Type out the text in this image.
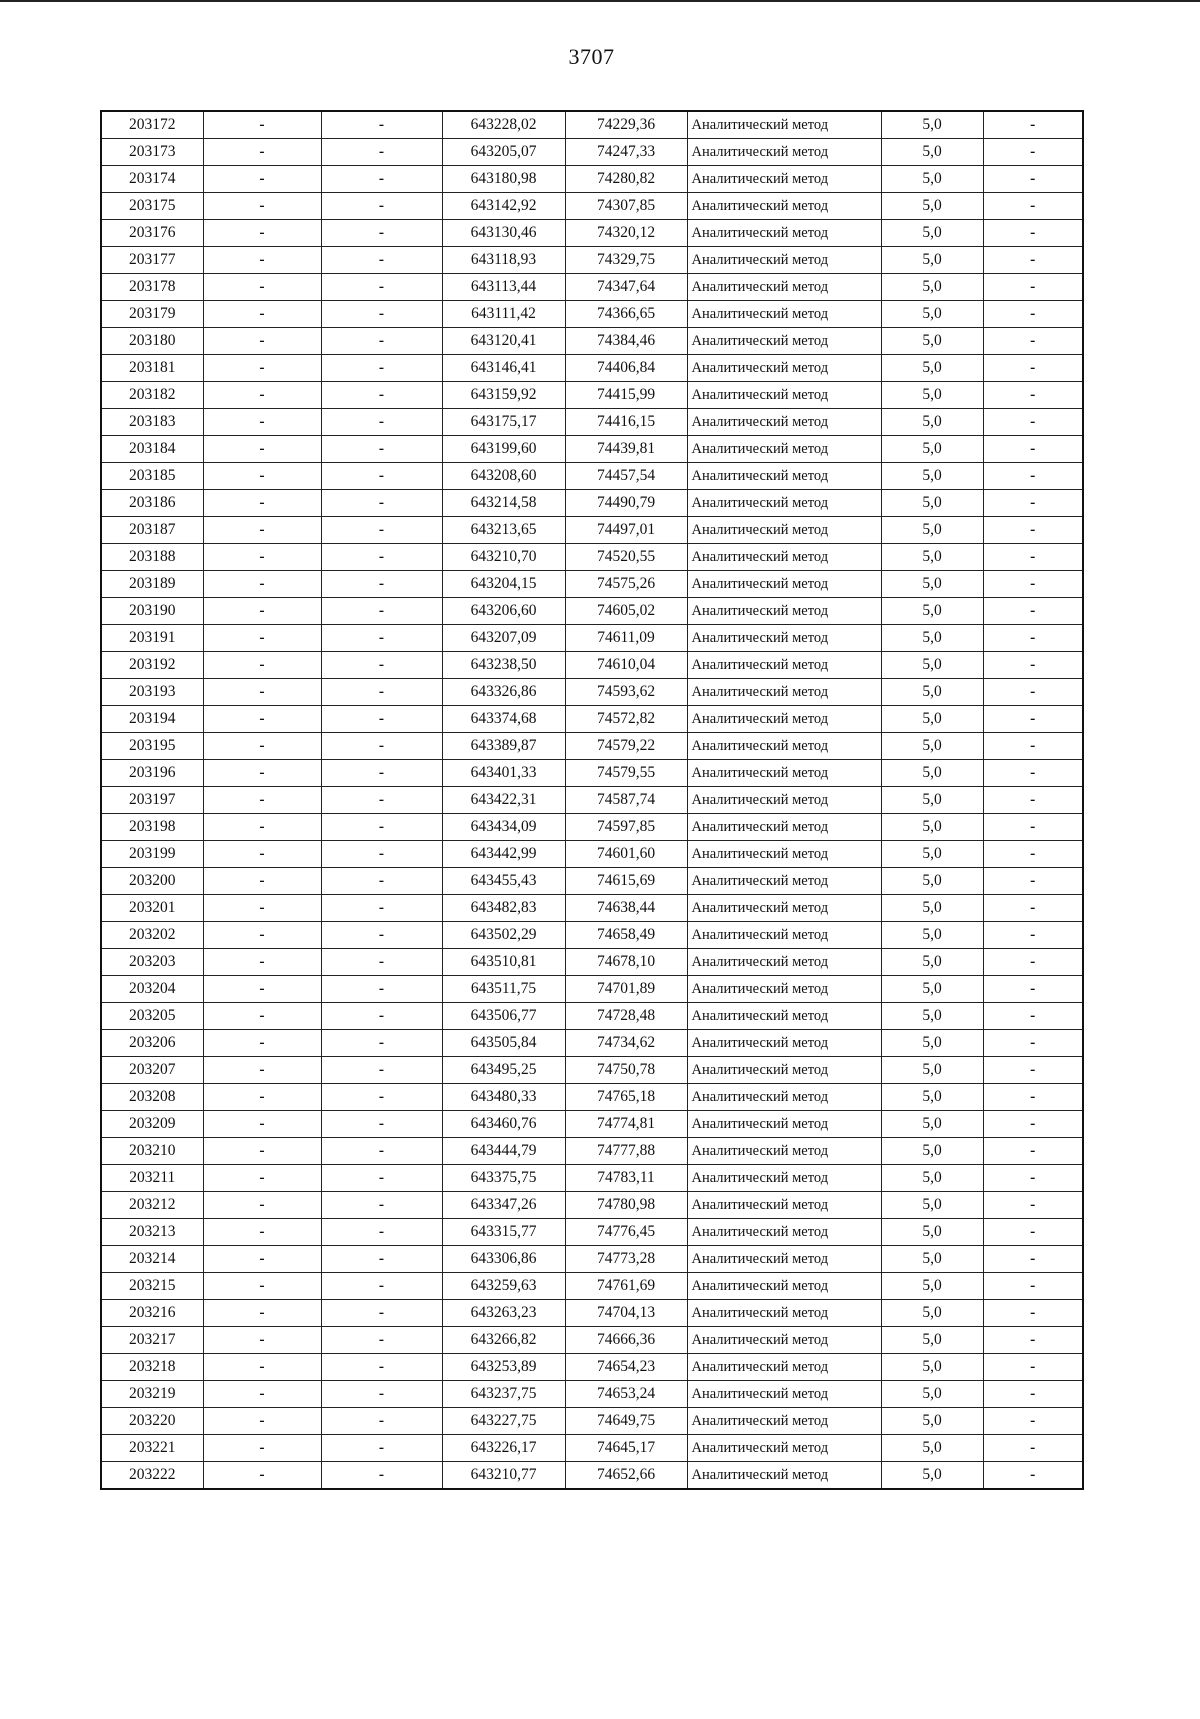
3707
203172	-	-	643228,02	74229,36	Аналитический метод	5,0	-
203173	-	-	643205,07	74247,33	Аналитический метод	5,0	-
203174	-	-	643180,98	74280,82	Аналитический метод	5,0	-
203175	-	-	643142,92	74307,85	Аналитический метод	5,0	-
203176	-	-	643130,46	74320,12	Аналитический метод	5,0	-
203177	-	-	643118,93	74329,75	Аналитический метод	5,0	-
203178	-	-	643113,44	74347,64	Аналитический метод	5,0	-
203179	-	-	643111,42	74366,65	Аналитический метод	5,0	-
203180	-	-	643120,41	74384,46	Аналитический метод	5,0	-
203181	-	-	643146,41	74406,84	Аналитический метод	5,0	-
203182	-	-	643159,92	74415,99	Аналитический метод	5,0	-
203183	-	-	643175,17	74416,15	Аналитический метод	5,0	-
203184	-	-	643199,60	74439,81	Аналитический метод	5,0	-
203185	-	-	643208,60	74457,54	Аналитический метод	5,0	-
203186	-	-	643214,58	74490,79	Аналитический метод	5,0	-
203187	-	-	643213,65	74497,01	Аналитический метод	5,0	-
203188	-	-	643210,70	74520,55	Аналитический метод	5,0	-
203189	-	-	643204,15	74575,26	Аналитический метод	5,0	-
203190	-	-	643206,60	74605,02	Аналитический метод	5,0	-
203191	-	-	643207,09	74611,09	Аналитический метод	5,0	-
203192	-	-	643238,50	74610,04	Аналитический метод	5,0	-
203193	-	-	643326,86	74593,62	Аналитический метод	5,0	-
203194	-	-	643374,68	74572,82	Аналитический метод	5,0	-
203195	-	-	643389,87	74579,22	Аналитический метод	5,0	-
203196	-	-	643401,33	74579,55	Аналитический метод	5,0	-
203197	-	-	643422,31	74587,74	Аналитический метод	5,0	-
203198	-	-	643434,09	74597,85	Аналитический метод	5,0	-
203199	-	-	643442,99	74601,60	Аналитический метод	5,0	-
203200	-	-	643455,43	74615,69	Аналитический метод	5,0	-
203201	-	-	643482,83	74638,44	Аналитический метод	5,0	-
203202	-	-	643502,29	74658,49	Аналитический метод	5,0	-
203203	-	-	643510,81	74678,10	Аналитический метод	5,0	-
203204	-	-	643511,75	74701,89	Аналитический метод	5,0	-
203205	-	-	643506,77	74728,48	Аналитический метод	5,0	-
203206	-	-	643505,84	74734,62	Аналитический метод	5,0	-
203207	-	-	643495,25	74750,78	Аналитический метод	5,0	-
203208	-	-	643480,33	74765,18	Аналитический метод	5,0	-
203209	-	-	643460,76	74774,81	Аналитический метод	5,0	-
203210	-	-	643444,79	74777,88	Аналитический метод	5,0	-
203211	-	-	643375,75	74783,11	Аналитический метод	5,0	-
203212	-	-	643347,26	74780,98	Аналитический метод	5,0	-
203213	-	-	643315,77	74776,45	Аналитический метод	5,0	-
203214	-	-	643306,86	74773,28	Аналитический метод	5,0	-
203215	-	-	643259,63	74761,69	Аналитический метод	5,0	-
203216	-	-	643263,23	74704,13	Аналитический метод	5,0	-
203217	-	-	643266,82	74666,36	Аналитический метод	5,0	-
203218	-	-	643253,89	74654,23	Аналитический метод	5,0	-
203219	-	-	643237,75	74653,24	Аналитический метод	5,0	-
203220	-	-	643227,75	74649,75	Аналитический метод	5,0	-
203221	-	-	643226,17	74645,17	Аналитический метод	5,0	-
203222	-	-	643210,77	74652,66	Аналитический метод	5,0	-
